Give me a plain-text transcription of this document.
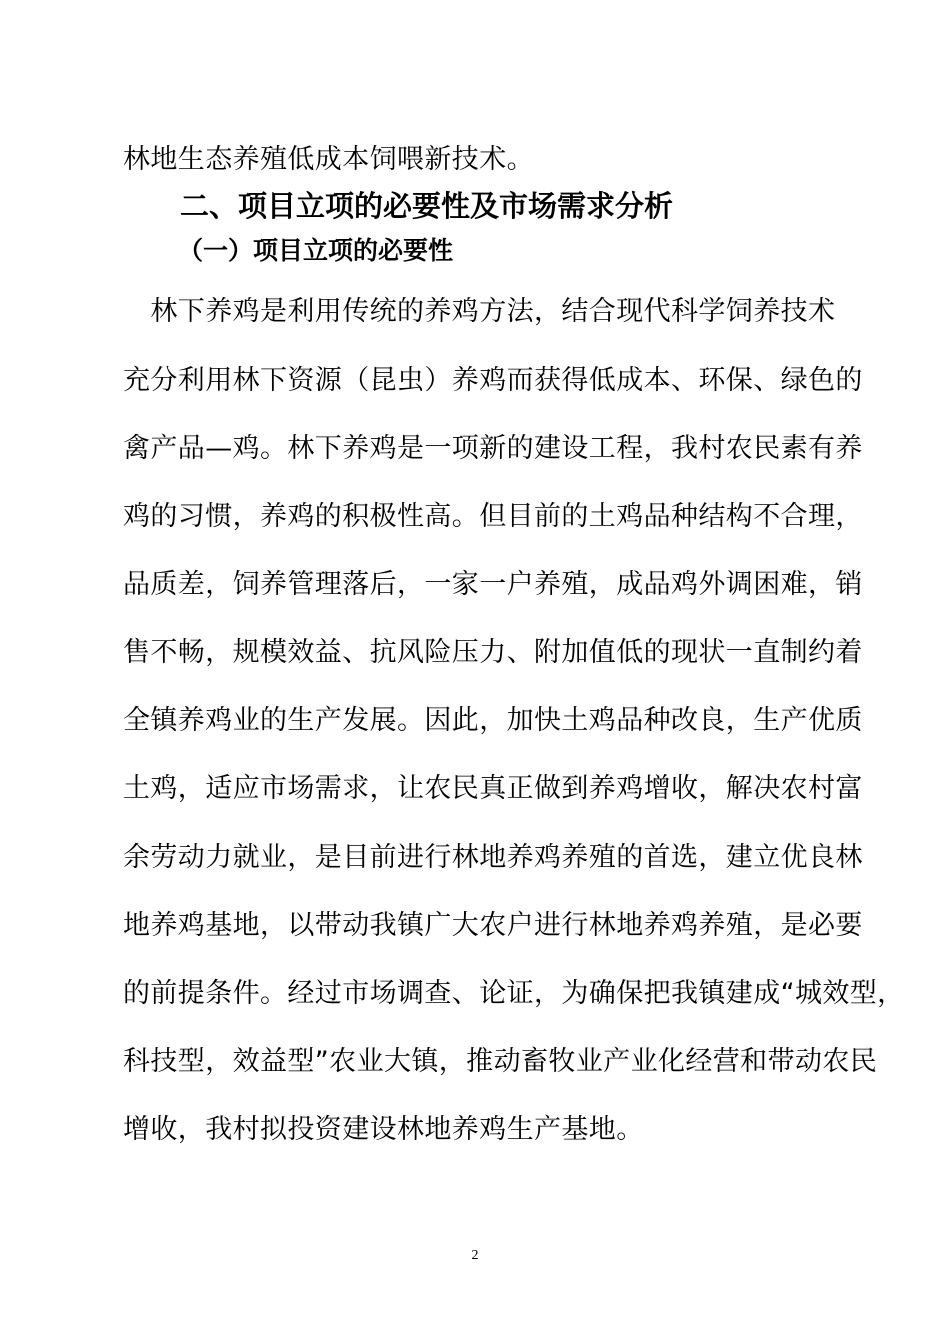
林地生态养殖低成本饲喂新技术。
二、项目立项的必要性及市场需求分析
（一）项目立项的必要性
　林下养鸡是利用传统的养鸡方法，结合现代科学饲养技术
充分利用林下资源（昆虫）养鸡而获得低成本、环保、绿色的
禽产品—鸡。林下养鸡是一项新的建设工程，我村农民素有养
鸡的习惯，养鸡的积极性高。但目前的土鸡品种结构不合理，
品质差，饲养管理落后，一家一户养殖，成品鸡外调困难，销
售不畅，规模效益、抗风险压力、附加值低的现状一直制约着
全镇养鸡业的生产发展。因此，加快土鸡品种改良，生产优质
土鸡，适应市场需求，让农民真正做到养鸡增收，解决农村富
余劳动力就业，是目前进行林地养鸡养殖的首选，建立优良林
地养鸡基地，以带动我镇广大农户进行林地养鸡养殖，是必要
的前提条件。经过市场调查、论证，为确保把我镇建成“城效型，
科技型，效益型”农业大镇，推动畜牧业产业化经营和带动农民
增收，我村拟投资建设林地养鸡生产基地。
2
